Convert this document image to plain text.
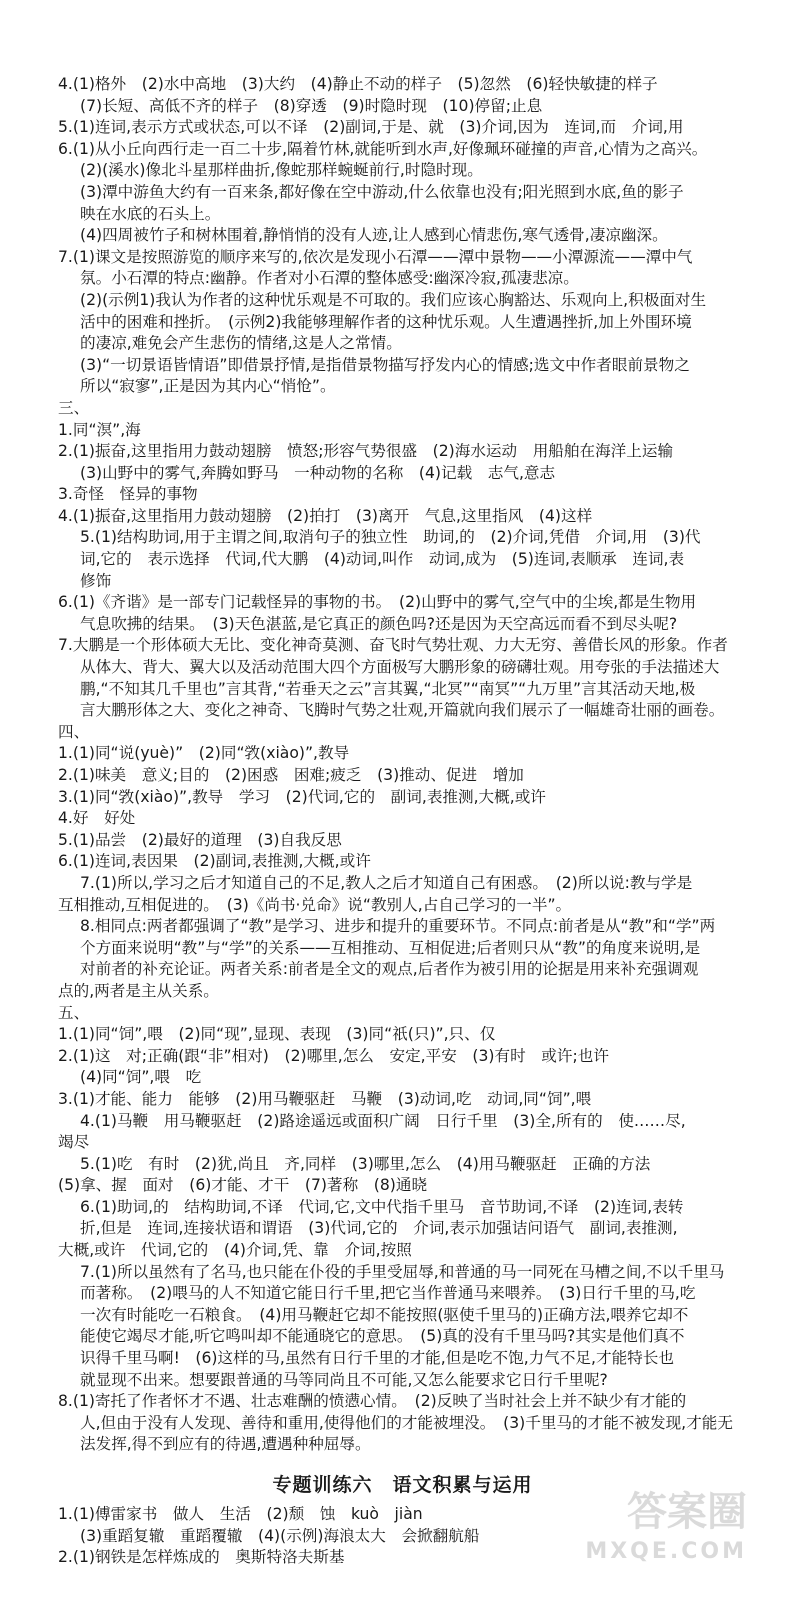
4.(1)格外　(2)水中高地　(3)大约　(4)静止不动的样子　(5)忽然　(6)轻快敏捷的样子
(7)长短、高低不齐的样子　(8)穿透　(9)时隐时现　(10)停留;止息
5.(1)连词,表示方式或状态,可以不译　(2)副词,于是、就　(3)介词,因为　连词,而　介词,用
6.(1)从小丘向西行走一百二十步,隔着竹林,就能听到水声,好像珮环碰撞的声音,心情为之高兴。
(2)(溪水)像北斗星那样曲折,像蛇那样蜿蜒前行,时隐时现。
(3)潭中游鱼大约有一百来条,都好像在空中游动,什么依靠也没有;阳光照到水底,鱼的影子
映在水底的石头上。
(4)四周被竹子和树林围着,静悄悄的没有人迹,让人感到心情悲伤,寒气透骨,凄凉幽深。
7.(1)课文是按照游览的顺序来写的,依次是发现小石潭——潭中景物——小潭源流——潭中气
氛。小石潭的特点:幽静。作者对小石潭的整体感受:幽深冷寂,孤凄悲凉。
(2)(示例1)我认为作者的这种忧乐观是不可取的。我们应该心胸豁达、乐观向上,积极面对生
活中的困难和挫折。　(示例2)我能够理解作者的这种忧乐观。人生遭遇挫折,加上外围环境
的凄凉,难免会产生悲伤的情绪,这是人之常情。
(3)“一切景语皆情语”即借景抒情,是指借景物描写抒发内心的情感;选文中作者眼前景物之
所以“寂寥”,正是因为其内心“悄怆”。
三、
1.同“溟”,海
2.(1)振奋,这里指用力鼓动翅膀　愤怒;形容气势很盛　(2)海水运动　用船舶在海洋上运输
(3)山野中的雾气,奔腾如野马　一种动物的名称　(4)记载　志气,意志
3.奇怪　怪异的事物
4.(1)振奋,这里指用力鼓动翅膀　(2)拍打　(3)离开　气息,这里指风　(4)这样
5.(1)结构助词,用于主谓之间,取消句子的独立性　助词,的　(2)介词,凭借　介词,用　(3)代
词,它的　表示选择　代词,代大鹏　(4)动词,叫作　动词,成为　(5)连词,表顺承　连词,表
修饰
6.(1)《齐谐》是一部专门记载怪异的事物的书。　(2)山野中的雾气,空气中的尘埃,都是生物用
气息吹拂的结果。　(3)天色湛蓝,是它真正的颜色吗?还是因为天空高远而看不到尽头呢?
7.大鹏是一个形体硕大无比、变化神奇莫测、奋飞时气势壮观、力大无穷、善借长风的形象。作者
从体大、背大、翼大以及活动范围大四个方面极写大鹏形象的磅礴壮观。用夸张的手法描述大
鹏,“不知其几千里也”言其背,“若垂天之云”言其翼,“北冥”“南冥”“九万里”言其活动天地,极
言大鹏形体之大、变化之神奇、飞腾时气势之壮观,开篇就向我们展示了一幅雄奇壮丽的画卷。
四、
1.(1)同“说(yuè)”　(2)同“敩(xiào)”,教导
2.(1)味美　意义;目的　(2)困惑　困难;疲乏　(3)推动、促进　增加
3.(1)同“敩(xiào)”,教导　学习　(2)代词,它的　副词,表推测,大概,或许
4.好　好处
5.(1)品尝　(2)最好的道理　(3)自我反思
6.(1)连词,表因果　(2)副词,表推测,大概,或许
7.(1)所以,学习之后才知道自己的不足,教人之后才知道自己有困惑。　(2)所以说:教与学是
互相推动,互相促进的。　(3)《尚书·兑命》说“教别人,占自己学习的一半”。
8.相同点:两者都强调了“教”是学习、进步和提升的重要环节。不同点:前者是从“教”和“学”两
个方面来说明“教”与“学”的关系——互相推动、互相促进;后者则只从“教”的角度来说明,是
对前者的补充论证。两者关系:前者是全文的观点,后者作为被引用的论据是用来补充强调观
点的,两者是主从关系。
五、
1.(1)同“饲”,喂　(2)同“现”,显现、表现　(3)同“祇(只)”,只、仅
2.(1)这　对;正确(跟“非”相对)　(2)哪里,怎么　安定,平安　(3)有时　或许;也许
(4)同“饲”,喂　吃
3.(1)才能、能力　能够　(2)用马鞭驱赶　马鞭　(3)动词,吃　动词,同“饲”,喂
4.(1)马鞭　用马鞭驱赶　(2)路途遥远或面积广阔　日行千里　(3)全,所有的　使……尽,
竭尽
5.(1)吃　有时　(2)犹,尚且　齐,同样　(3)哪里,怎么　(4)用马鞭驱赶　正确的方法
(5)拿、握　面对　(6)才能、才干　(7)著称　(8)通晓
6.(1)助词,的　结构助词,不译　代词,它,文中代指千里马　音节助词,不译　(2)连词,表转
折,但是　连词,连接状语和谓语　(3)代词,它的　介词,表示加强诘问语气　副词,表推测,
大概,或许　代词,它的　(4)介词,凭、靠　介词,按照
7.(1)所以虽然有了名马,也只能在仆役的手里受屈辱,和普通的马一同死在马槽之间,不以千里马
而著称。　(2)喂马的人不知道它能日行千里,把它当作普通马来喂养。　(3)日行千里的马,吃
一次有时能吃一石粮食。　(4)用马鞭赶它却不能按照(驱使千里马的)正确方法,喂养它却不
能使它竭尽才能,听它鸣叫却不能通晓它的意思。　(5)真的没有千里马吗?其实是他们真不
识得千里马啊!　(6)这样的马,虽然有日行千里的才能,但是吃不饱,力气不足,才能特长也
就显现不出来。想要跟普通的马等同尚且不可能,又怎么能要求它日行千里呢?
8.(1)寄托了作者怀才不遇、壮志难酬的愤懑心情。　(2)反映了当时社会上并不缺少有才能的
人,但由于没有人发现、善待和重用,使得他们的才能被埋没。　(3)千里马的才能不被发现,才能无
法发挥,得不到应有的待遇,遭遇种种屈辱。
专题训练六　语文积累与运用
1.(1)傅雷家书　做人　生活　(2)颓　蚀　kuò　jiàn
(3)重蹈复辙　重蹈覆辙　(4)(示例)海浪太大　会掀翻航船
2.(1)钢铁是怎样炼成的　奥斯特洛夫斯基
答案圈
MXQE.COM
